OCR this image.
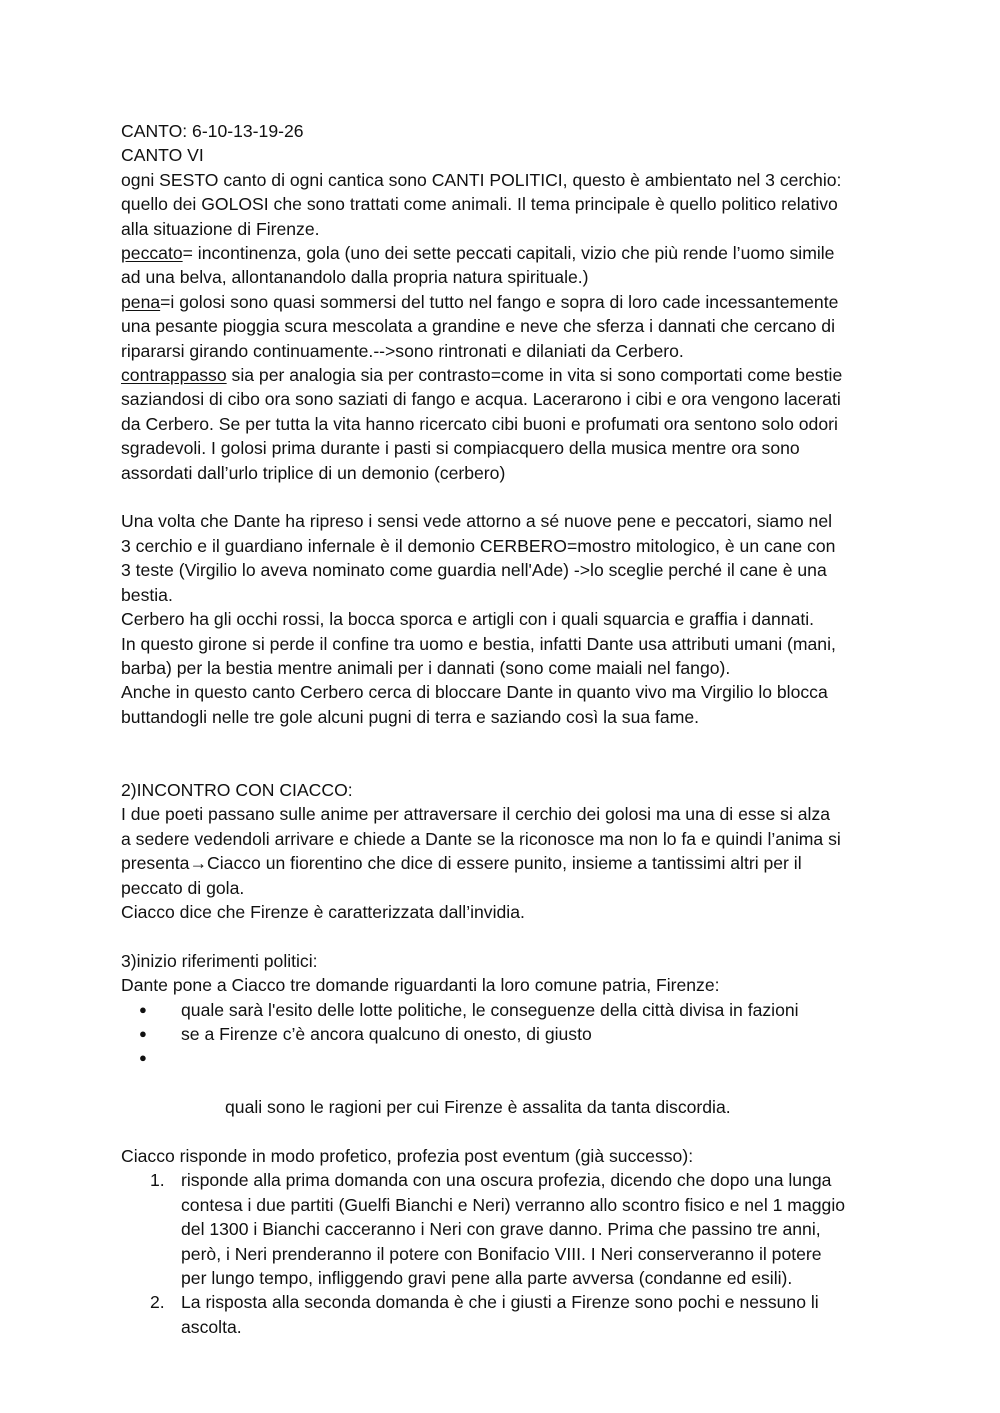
CANTO: 6-10-13-19-26
CANTO VI
ogni SESTO canto di ogni cantica sono CANTI POLITICI, questo è ambientato nel 3 cerchio:
quello dei GOLOSI che sono trattati come animali. Il tema principale è quello politico relativo
alla situazione di Firenze.
peccato= incontinenza, gola (uno dei sette peccati capitali, vizio che più rende l’uomo simile
ad una belva, allontanandolo dalla propria natura spirituale.)
pena=i golosi sono quasi sommersi del tutto nel fango e sopra di loro cade incessantemente
una pesante pioggia scura mescolata a grandine e neve che sferza i dannati che cercano di
ripararsi girando continuamente.-->sono rintronati e dilaniati da Cerbero.
contrappasso sia per analogia sia per contrasto=come in vita si sono comportati come bestie
saziandosi di cibo ora sono saziati di fango e acqua. Lacerarono i cibi e ora vengono lacerati
da Cerbero. Se per tutta la vita hanno ricercato cibi buoni e profumati ora sentono solo odori
sgradevoli. I golosi prima durante i pasti si compiacquero della musica mentre ora sono
assordati dall’urlo triplice di un demonio (cerbero)
Una volta che Dante ha ripreso i sensi vede attorno a sé nuove pene e peccatori, siamo nel
3 cerchio e il guardiano infernale è il demonio CERBERO=mostro mitologico, è un cane con
3 teste (Virgilio lo aveva nominato come guardia nell'Ade) ->lo sceglie perché il cane è una
bestia.
Cerbero ha gli occhi rossi, la bocca sporca e artigli con i quali squarcia e graffia i dannati.
In questo girone si perde il confine tra uomo e bestia, infatti Dante usa attributi umani (mani,
barba) per la bestia mentre animali per i dannati (sono come maiali nel fango).
Anche in questo canto Cerbero cerca di bloccare Dante in quanto vivo ma Virgilio lo blocca
buttandogli nelle tre gole alcuni pugni di terra e saziando così la sua fame.
2)INCONTRO CON CIACCO:
I due poeti passano sulle anime per attraversare il cerchio dei golosi ma una di esse si alza
a sedere vedendoli arrivare e chiede a Dante se la riconosce ma non lo fa e quindi l’anima si
presenta→Ciacco un fiorentino che dice di essere punito, insieme a tantissimi altri per il
peccato di gola.
Ciacco dice che Firenze è caratterizzata dall’invidia.
3)inizio riferimenti politici:
Dante pone a Ciacco tre domande riguardanti la loro comune patria, Firenze:
● quale sarà l'esito delle lotte politiche, le conseguenze della città divisa in fazioni
● se a Firenze c’è ancora qualcuno di onesto, di giusto

●

quali sono le ragioni per cui Firenze è assalita da tanta discordia.

Ciacco risponde in modo profetico, profezia post eventum (già successo):
1. risponde alla prima domanda con una oscura profezia, dicendo che dopo una lunga
contesa i due partiti (Guelfi Bianchi e Neri) verranno allo scontro fisico e nel 1 maggio
del 1300 i Bianchi cacceranno i Neri con grave danno. Prima che passino tre anni,
però, i Neri prenderanno il potere con Bonifacio VIII. I Neri conserveranno il potere
per lungo tempo, infliggendo gravi pene alla parte avversa (condanne ed esili).
2. La risposta alla seconda domanda è che i giusti a Firenze sono pochi e nessuno li
ascolta.
